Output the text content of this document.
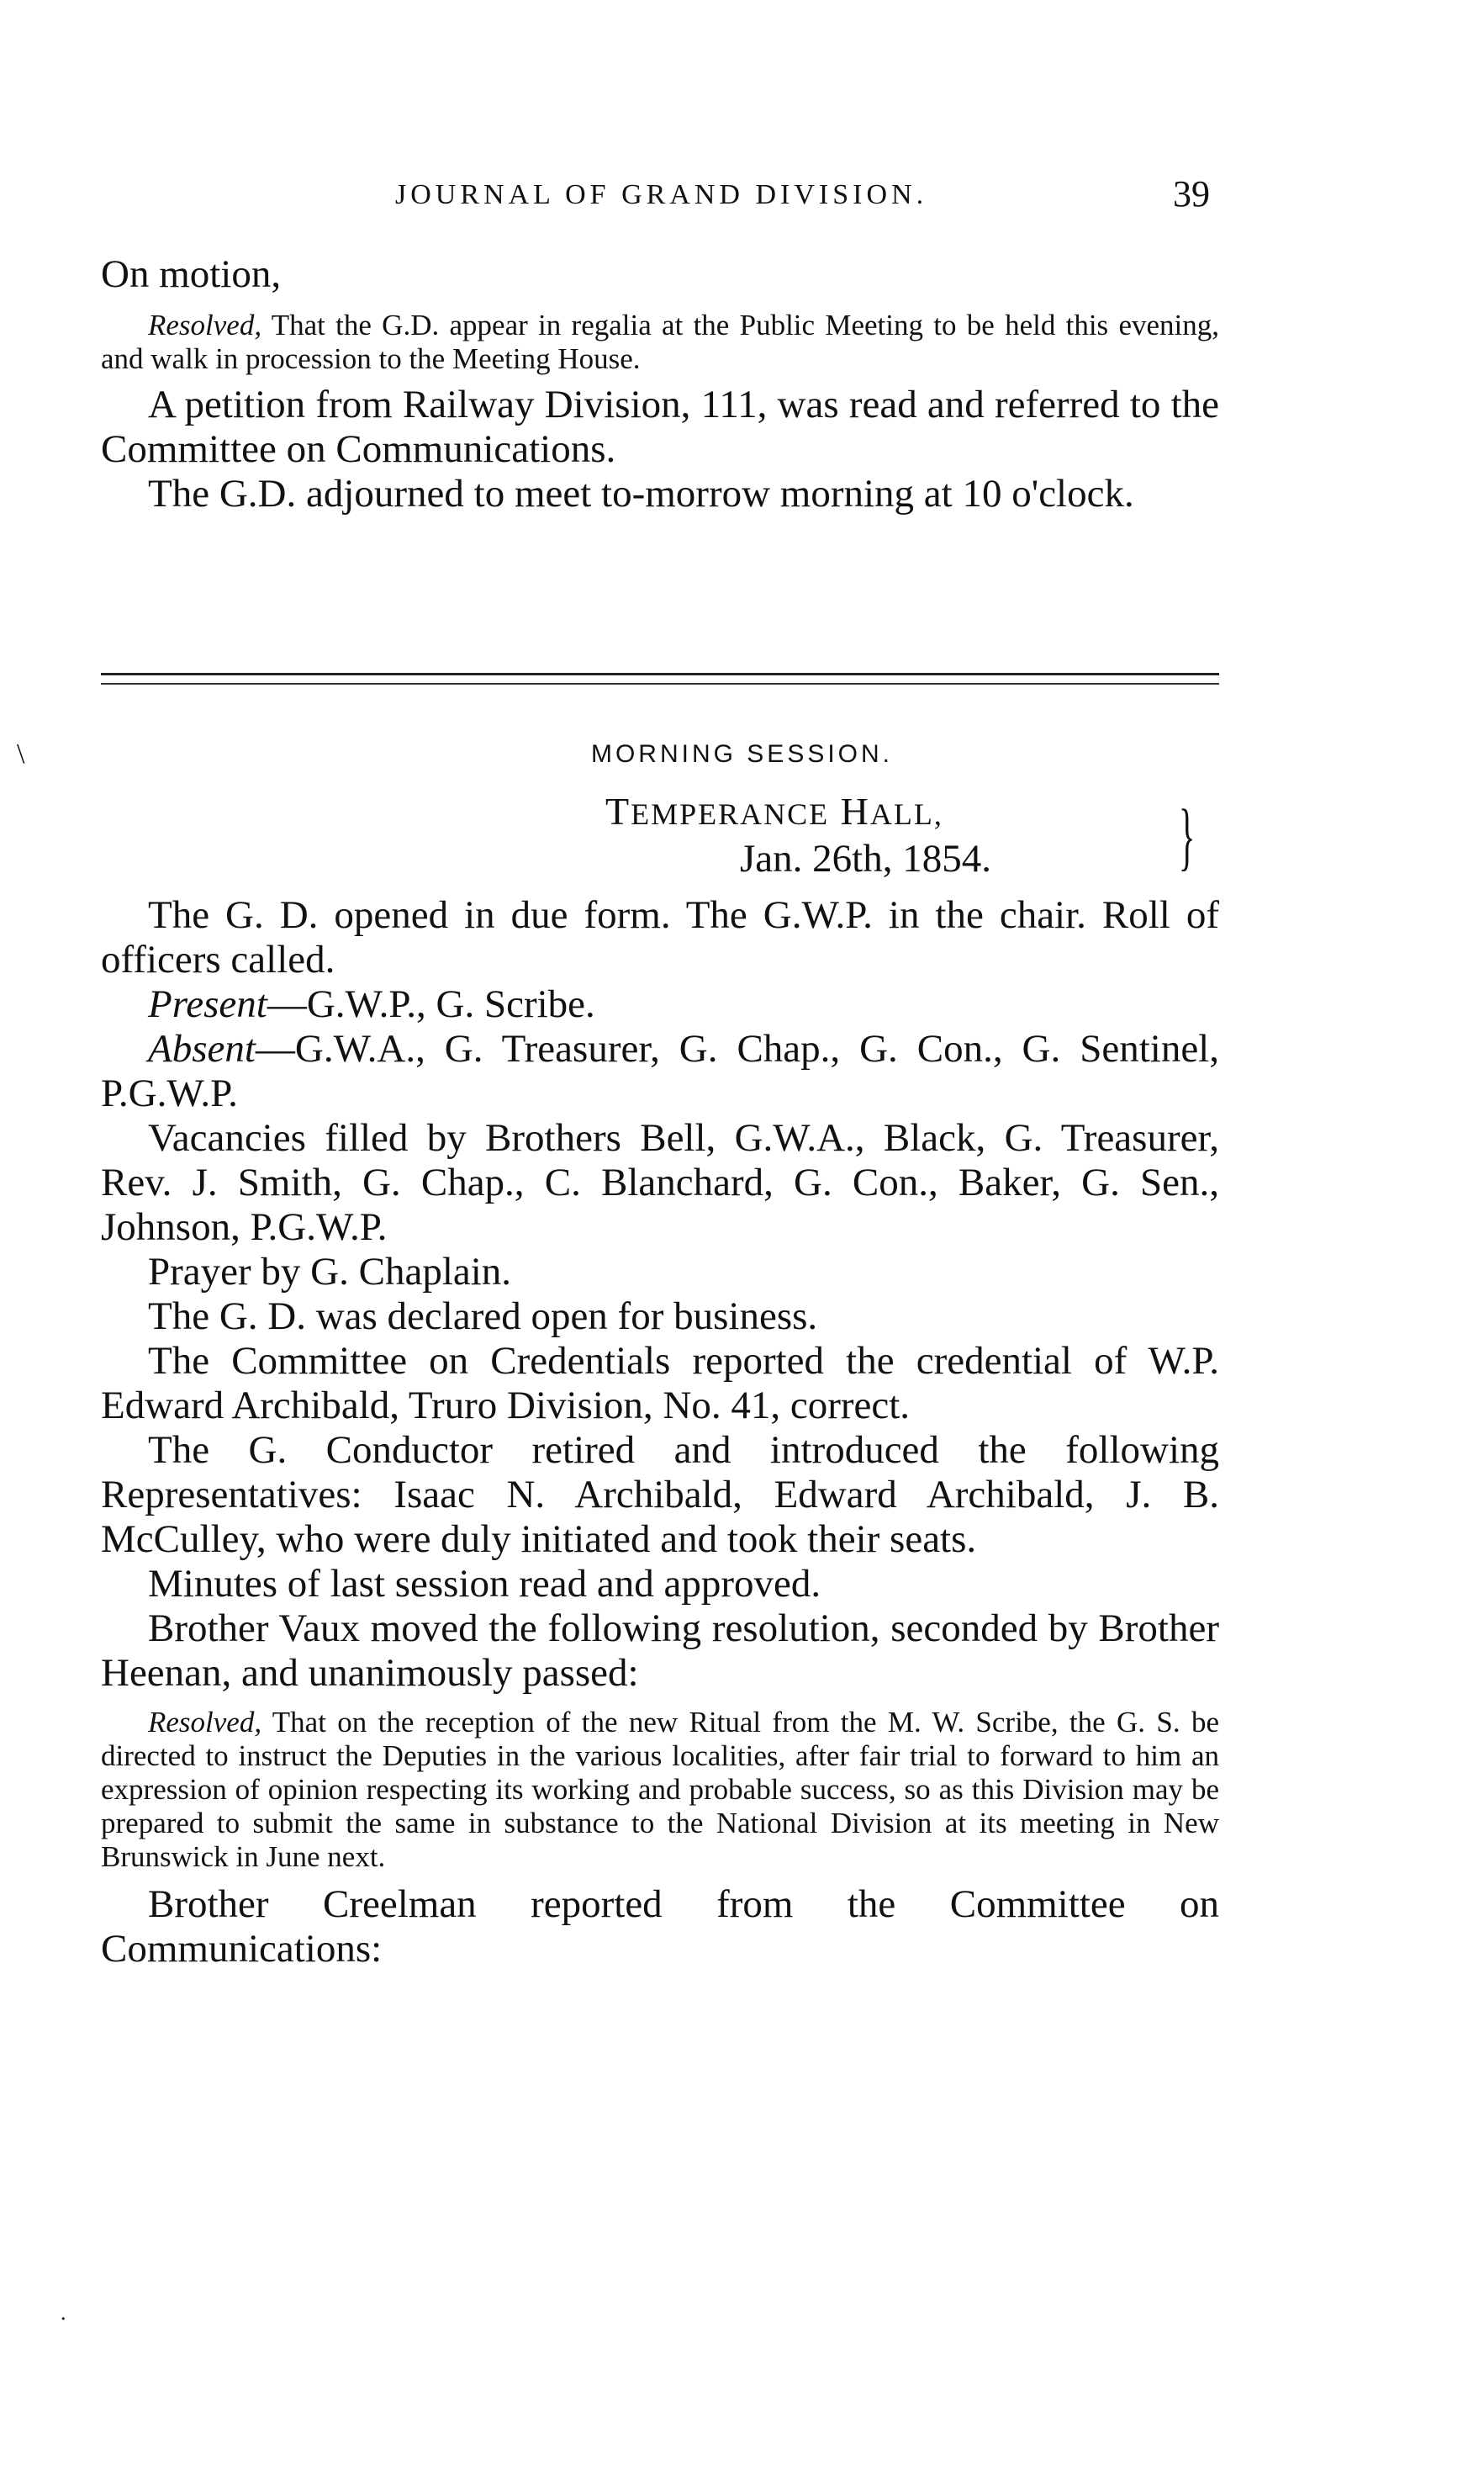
JOURNAL OF GRAND DIVISION.	39

On motion,

Resolved, That the G.D. appear in regalia at the Public Meeting to be held this evening, and walk in procession to the Meeting House.

A petition from Railway Division, 111, was read and referred to the Committee on Communications.

The G.D. adjourned to meet to-morrow morning at 10 o'clock.

\	MORNING SESSION.
TEMPERANCE HALL,
Jan. 26th, 1854. }

The G. D. opened in due form. The G.W.P. in the chair. Roll of officers called.

Present—G.W.P., G. Scribe.

Absent—G.W.A., G. Treasurer, G. Chap., G. Con., G. Sentinel, P.G.W.P.

Vacancies filled by Brothers Bell, G.W.A., Black, G. Treasurer, Rev. J. Smith, G. Chap., C. Blanchard, G. Con., Baker, G. Sen., Johnson, P.G.W.P.

Prayer by G. Chaplain.

The G. D. was declared open for business.

The Committee on Credentials reported the credential of W.P. Edward Archibald, Truro Division, No. 41, correct.

The G. Conductor retired and introduced the following Representatives: Isaac N. Archibald, Edward Archibald, J. B. McCulley, who were duly initiated and took their seats.

Minutes of last session read and approved.

Brother Vaux moved the following resolution, seconded by Brother Heenan, and unanimously passed:

Resolved, That on the reception of the new Ritual from the M. W. Scribe, the G. S. be directed to instruct the Deputies in the various localities, after fair trial to forward to him an expression of opinion respecting its working and probable success, so as this Division may be prepared to submit the same in substance to the National Division at its meeting in New Brunswick in June next.

Brother Creelman reported from the Committee on Communications:

.
